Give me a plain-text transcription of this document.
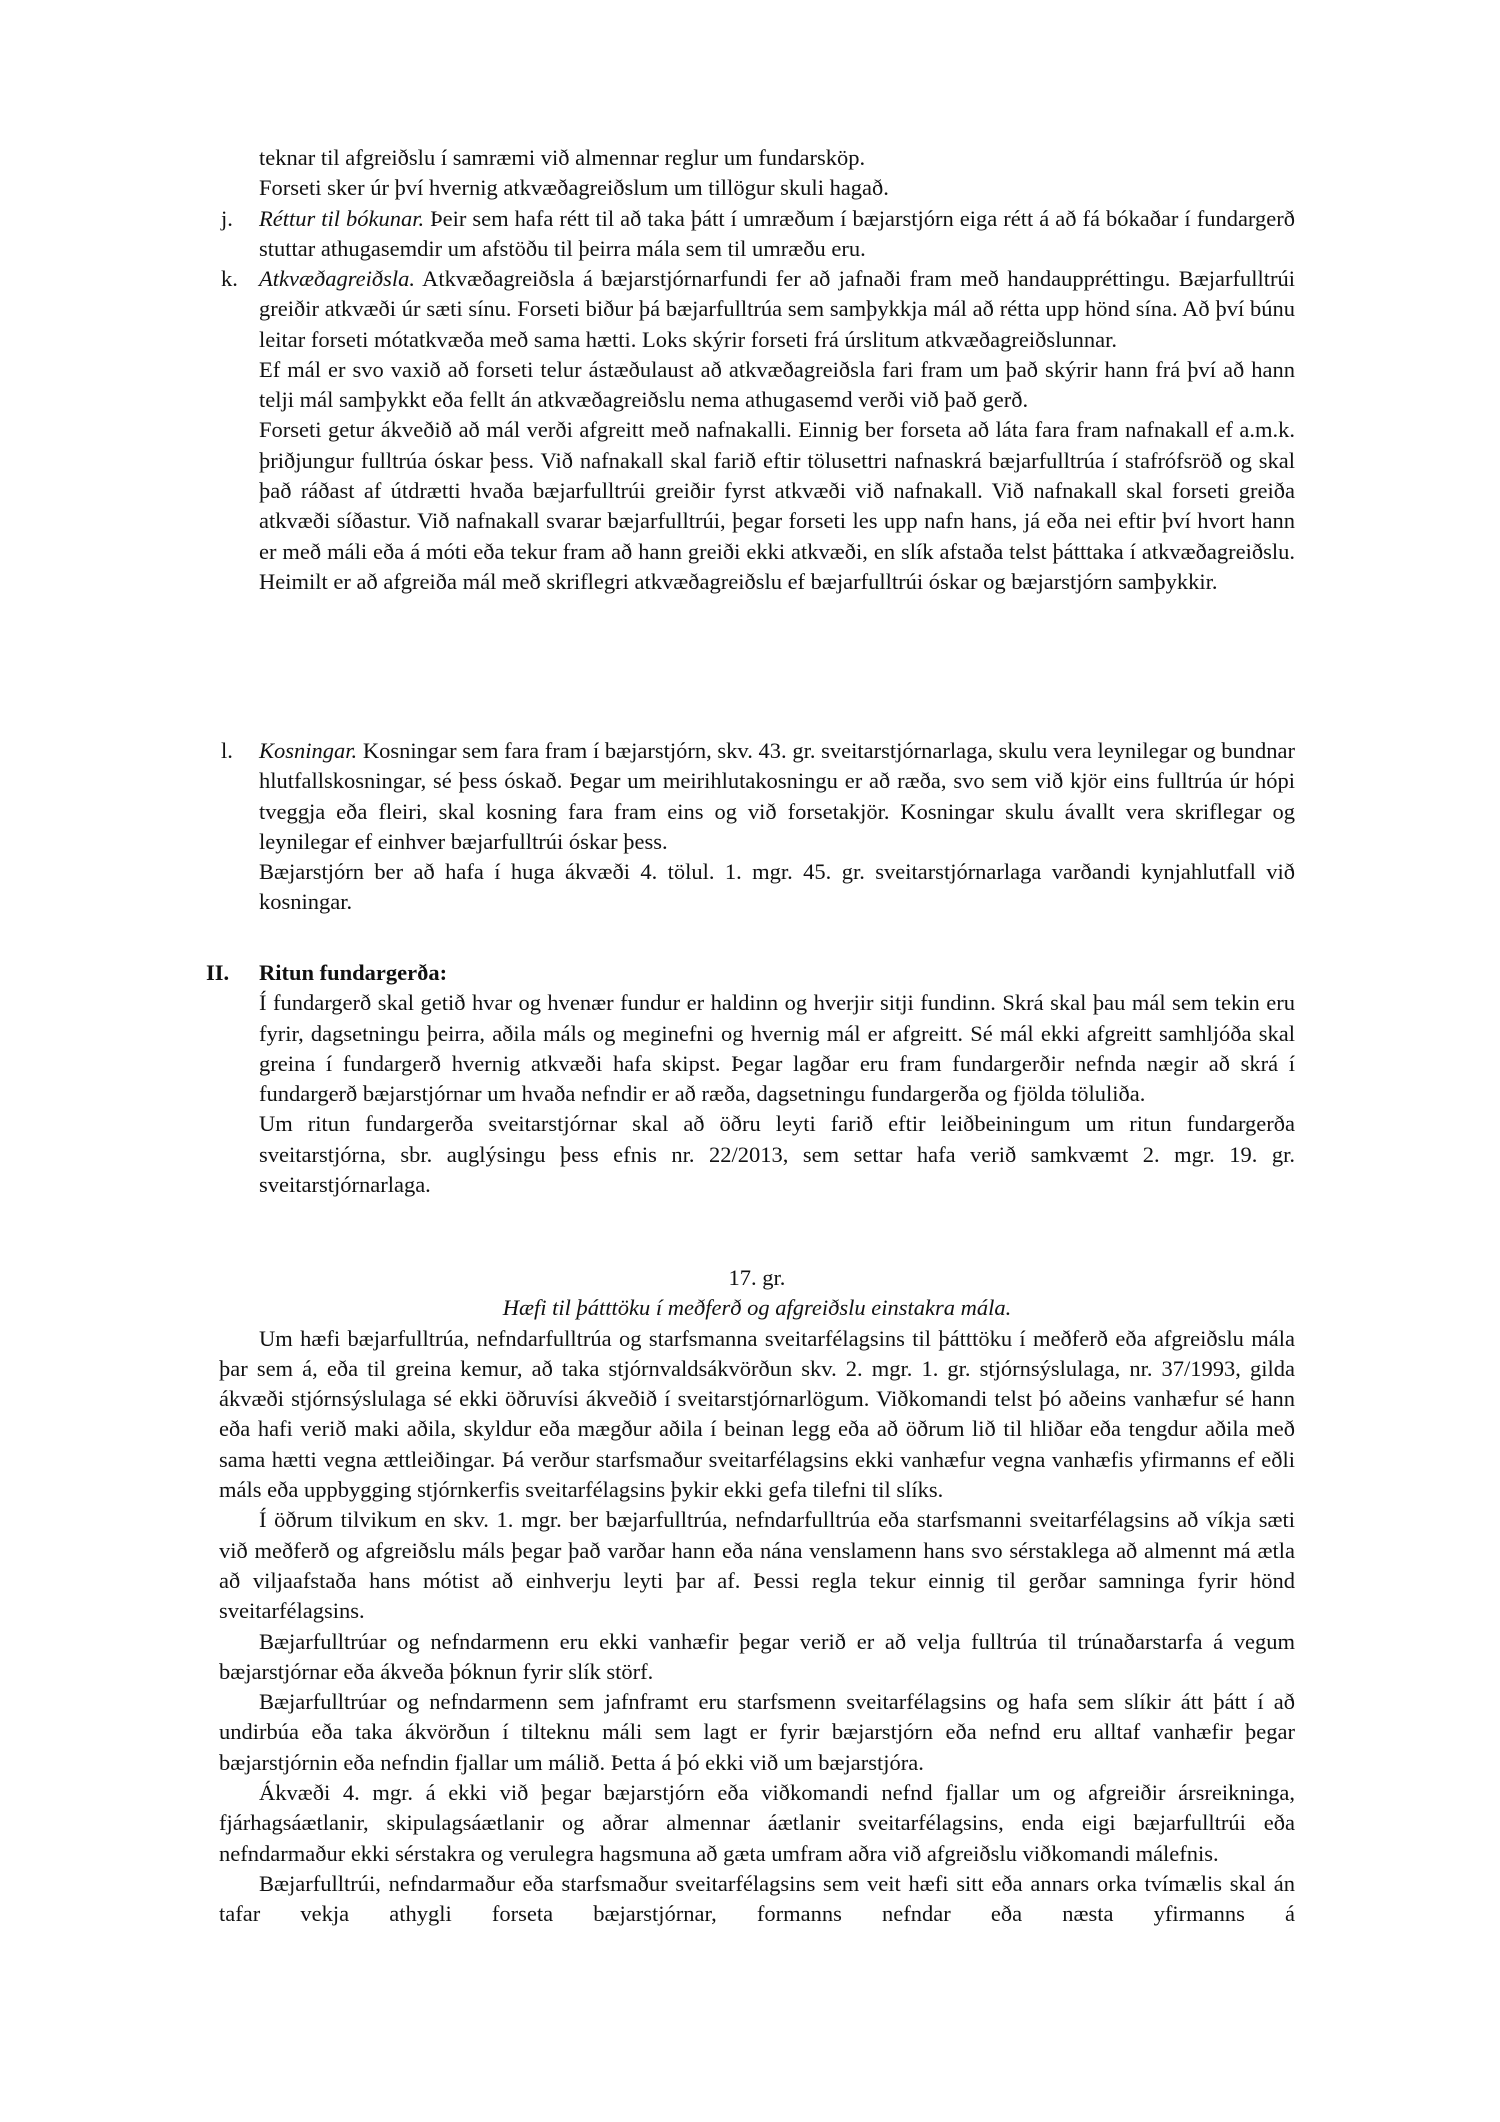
teknar til afgreiðslu í samræmi við almennar reglur um fundarsköp.

Forseti sker úr því hvernig atkvæðagreiðslum um tillögur skuli hagað.

j. Réttur til bókunar. Þeir sem hafa rétt til að taka þátt í umræðum í bæjarstjórn eiga rétt á að fá bókaðar í fundargerð stuttar athugasemdir um afstöðu til þeirra mála sem til umræðu eru.

k. Atkvæðagreiðsla. Atkvæðagreiðsla á bæjarstjórnarfundi fer að jafnaði fram með handauppréttingu. Bæjarfulltrúi greiðir atkvæði úr sæti sínu. Forseti biður þá bæjarfulltrúa sem samþykkja mál að rétta upp hönd sína. Að því búnu leitar forseti mótatkvæða með sama hætti. Loks skýrir forseti frá úrslitum atkvæðagreiðslunnar.

Ef mál er svo vaxið að forseti telur ástæðulaust að atkvæðagreiðsla fari fram um það skýrir hann frá því að hann telji mál samþykkt eða fellt án atkvæðagreiðslu nema athugasemd verði við það gerð.

Forseti getur ákveðið að mál verði afgreitt með nafnakalli. Einnig ber forseta að láta fara fram nafnakall ef a.m.k. þriðjungur fulltrúa óskar þess. Við nafnakall skal farið eftir tölusettri nafnaskrá bæjarfulltrúa í stafrófsröð og skal það ráðast af útdrætti hvaða bæjarfulltrúi greiðir fyrst atkvæði við nafnakall. Við nafnakall skal forseti greiða atkvæði síðastur. Við nafnakall svarar bæjarfulltrúi, þegar forseti les upp nafn hans, já eða nei eftir því hvort hann er með máli eða á móti eða tekur fram að hann greiði ekki atkvæði, en slík afstaða telst þátttaka í atkvæðagreiðslu. Heimilt er að afgreiða mál með skriflegri atkvæðagreiðslu ef bæjarfulltrúi óskar og bæjarstjórn samþykkir.

l. Kosningar. Kosningar sem fara fram í bæjarstjórn, skv. 43. gr. sveitarstjórnarlaga, skulu vera leynilegar og bundnar hlutfallskosningar, sé þess óskað. Þegar um meirihlutakosningu er að ræða, svo sem við kjör eins fulltrúa úr hópi tveggja eða fleiri, skal kosning fara fram eins og við forsetakjör. Kosningar skulu ávallt vera skriflegar og leynilegar ef einhver bæjarfulltrúi óskar þess.

Bæjarstjórn ber að hafa í huga ákvæði 4. tölul. 1. mgr. 45. gr. sveitarstjórnarlaga varðandi kynjahlutfall við kosningar.

II. Ritun fundargerða:

Í fundargerð skal getið hvar og hvenær fundur er haldinn og hverjir sitji fundinn. Skrá skal þau mál sem tekin eru fyrir, dagsetningu þeirra, aðila máls og meginefni og hvernig mál er afgreitt. Sé mál ekki afgreitt samhljóða skal greina í fundargerð hvernig atkvæði hafa skipst. Þegar lagðar eru fram fundargerðir nefnda nægir að skrá í fundargerð bæjarstjórnar um hvaða nefndir er að ræða, dagsetningu fundargerða og fjölda töluliða.

Um ritun fundargerða sveitarstjórnar skal að öðru leyti farið eftir leiðbeiningum um ritun fundargerða sveitarstjórna, sbr. auglýsingu þess efnis nr. 22/2013, sem settar hafa verið samkvæmt 2. mgr. 19. gr. sveitarstjórnarlaga.

17. gr.

Hæfi til þátttöku í meðferð og afgreiðslu einstakra mála.

Um hæfi bæjarfulltrúa, nefndarfulltrúa og starfsmanna sveitarfélagsins til þátttöku í meðferð eða afgreiðslu mála þar sem á, eða til greina kemur, að taka stjórnvaldsákvörðun skv. 2. mgr. 1. gr. stjórnsýslulaga, nr. 37/1993, gilda ákvæði stjórnsýslulaga sé ekki öðruvísi ákveðið í sveitarstjórnarlögum. Viðkomandi telst þó aðeins vanhæfur sé hann eða hafi verið maki aðila, skyldur eða mægður aðila í beinan legg eða að öðrum lið til hliðar eða tengdur aðila með sama hætti vegna ættleiðingar. Þá verður starfsmaður sveitarfélagsins ekki vanhæfur vegna vanhæfis yfirmanns ef eðli máls eða uppbygging stjórnkerfis sveitarfélagsins þykir ekki gefa tilefni til slíks.

Í öðrum tilvikum en skv. 1. mgr. ber bæjarfulltrúa, nefndarfulltrúa eða starfsmanni sveitarfélagsins að víkja sæti við meðferð og afgreiðslu máls þegar það varðar hann eða nána venslamenn hans svo sérstaklega að almennt má ætla að viljaafstaða hans mótist að einhverju leyti þar af. Þessi regla tekur einnig til gerðar samninga fyrir hönd sveitarfélagsins.

Bæjarfulltrúar og nefndarmenn eru ekki vanhæfir þegar verið er að velja fulltrúa til trúnaðarstarfa á vegum bæjarstjórnar eða ákveða þóknun fyrir slík störf.

Bæjarfulltrúar og nefndarmenn sem jafnframt eru starfsmenn sveitarfélagsins og hafa sem slíkir átt þátt í að undirbúa eða taka ákvörðun í tilteknu máli sem lagt er fyrir bæjarstjórn eða nefnd eru alltaf vanhæfir þegar bæjarstjórnin eða nefndin fjallar um málið. Þetta á þó ekki við um bæjarstjóra.

Ákvæði 4. mgr. á ekki við þegar bæjarstjórn eða viðkomandi nefnd fjallar um og afgreiðir ársreikninga, fjárhagsáætlanir, skipulagsáætlanir og aðrar almennar áætlanir sveitarfélagsins, enda eigi bæjarfulltrúi eða nefndarmaður ekki sérstakra og verulegra hagsmuna að gæta umfram aðra við afgreiðslu viðkomandi málefnis.

Bæjarfulltrúi, nefndarmaður eða starfsmaður sveitarfélagsins sem veit hæfi sitt eða annars orka tvímælis skal án tafar vekja athygli forseta bæjarstjórnar, formanns nefndar eða næsta yfirmanns á
